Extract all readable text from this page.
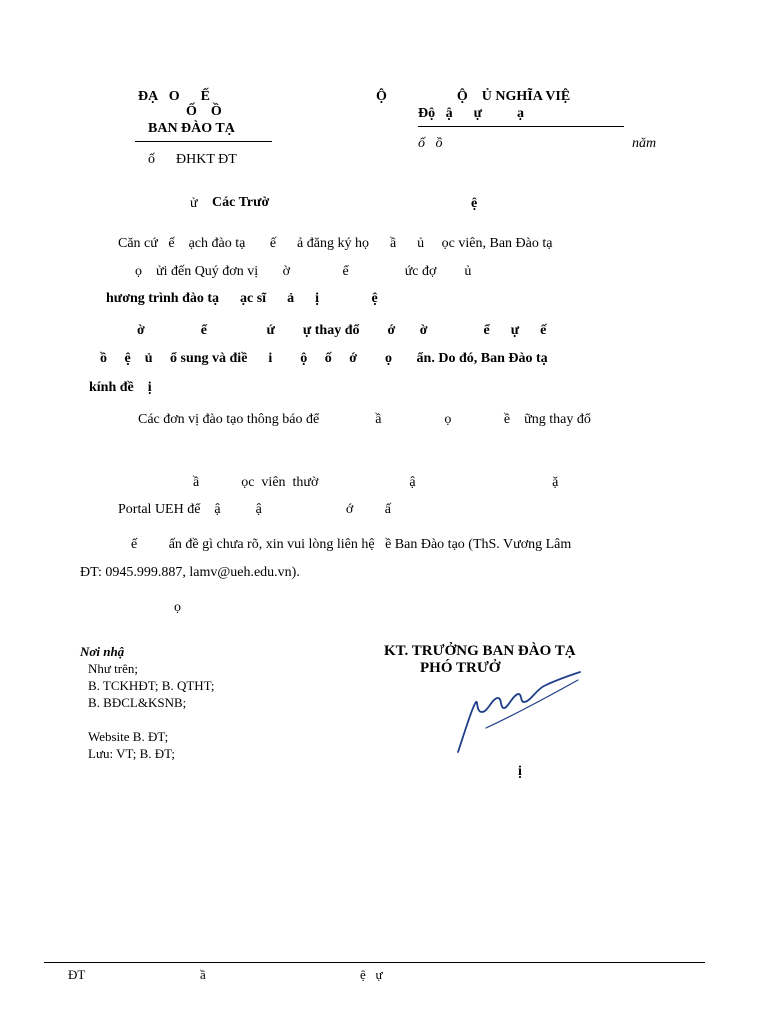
ĐẠ   O      Ế
Ố    Ồ
BAN ĐÀO TẠ
ố      ĐHKT ĐT
Ộ                    Ộ    Ủ NGHĨA VIỆ
Độ   ậ      ự          ạ
ố   ồ	năm
ử Các Trườ	ệ
Căn cứ   ế    ạch đào tạ       ế      ả đăng ký họ      ầ      ủ     ọc viên, Ban Đào tạ
ọ    ửi đến Quý đơn vị       ờ               ể                ức đợ        ủ
hương trình đào tạ      ạc sĩ      ả      ị               ệ
ờ                ể                 ứ        ự thay đổ        ớ       ờ                ể      ự      ế
ồ     ệ    ủ     ổ sung và điề      i        ộ     ố     ớ        ọ       ẩn. Do đó, Ban Đào tạ
kính đề    ị
Các đơn vị đào tạo thông báo để                ầ                  ọ               ề    ững thay đổ
ầ            ọc  viên  thườ                          ậ                                       ặ
Portal UEH để    ậ          ậ                        ớ         ấ
ế         ấn đề gì chưa rõ, xin vui lòng liên hệ   ề Ban Đào tạo (ThS. Vương Lâm
ĐT: 0945.999.887, lamv@ueh.edu.vn).
ọ
Nơi nhậ
Như trên;
B. TCKHĐT; B. QTHT;
B. BĐCL&KSNB;
Website B. ĐT;
Lưu: VT; B. ĐT;
KT. TRƯỞNG BAN ĐÀO TẠ
PHÓ TRƯỞ
ị
ĐT	ầ	ệ   ự
